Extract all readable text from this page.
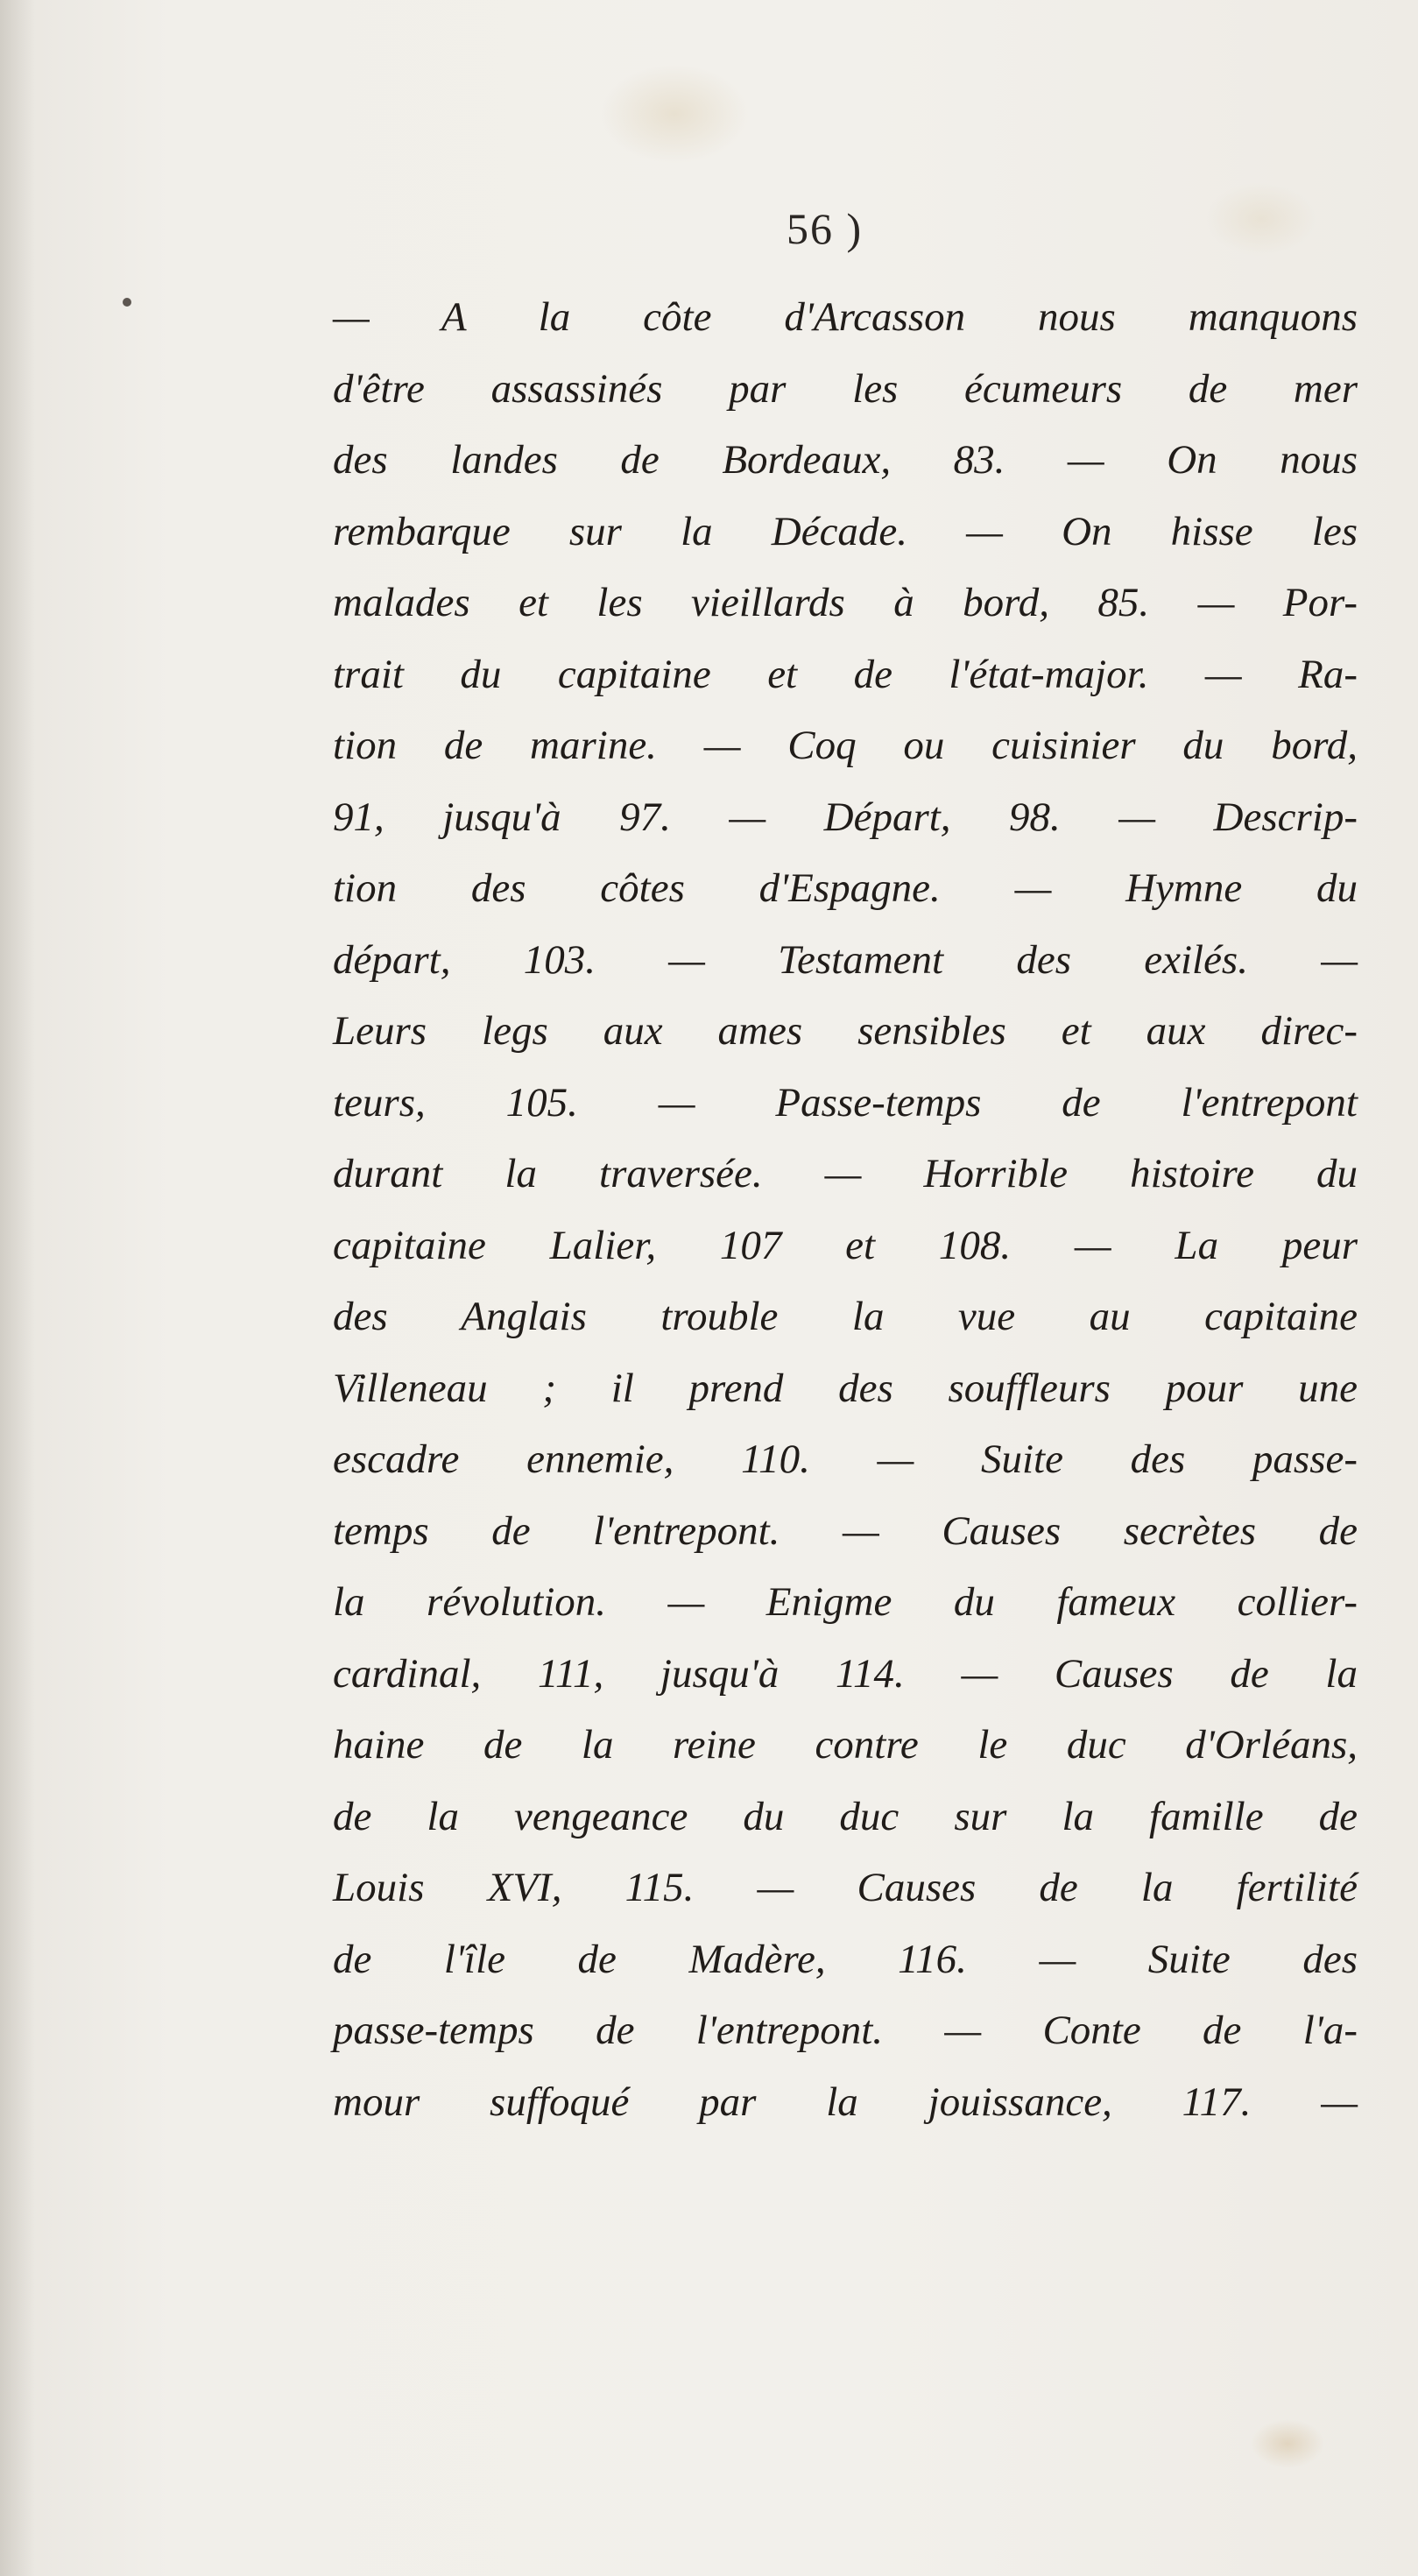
56 )
— A la côte d'Arcasson nous manquons
d'être assassinés par les écumeurs de mer
des landes de Bordeaux, 83. — On nous
rembarque sur la Décade. — On hisse les
malades et les vieillards à bord, 85. — Por-
trait du capitaine et de l'état-major. — Ra-
tion de marine. — Coq ou cuisinier du bord,
91, jusqu'à 97. — Départ, 98. — Descrip-
tion des côtes d'Espagne. — Hymne du
départ, 103. — Testament des exilés. —
Leurs legs aux ames sensibles et aux direc-
teurs, 105. — Passe-temps de l'entrepont
durant la traversée. — Horrible histoire du
capitaine Lalier, 107 et 108. — La peur
des Anglais trouble la vue au capitaine
Villeneau ; il prend des souffleurs pour une
escadre ennemie, 110. — Suite des passe-
temps de l'entrepont. — Causes secrètes de
la révolution. — Enigme du fameux collier-
cardinal, 111, jusqu'à 114. — Causes de la
haine de la reine contre le duc d'Orléans,
de la vengeance du duc sur la famille de
Louis XVI, 115. — Causes de la fertilité
de l'île de Madère, 116. — Suite des
passe-temps de l'entrepont. — Conte de l'a-
mour suffoqué par la jouissance, 117. —
